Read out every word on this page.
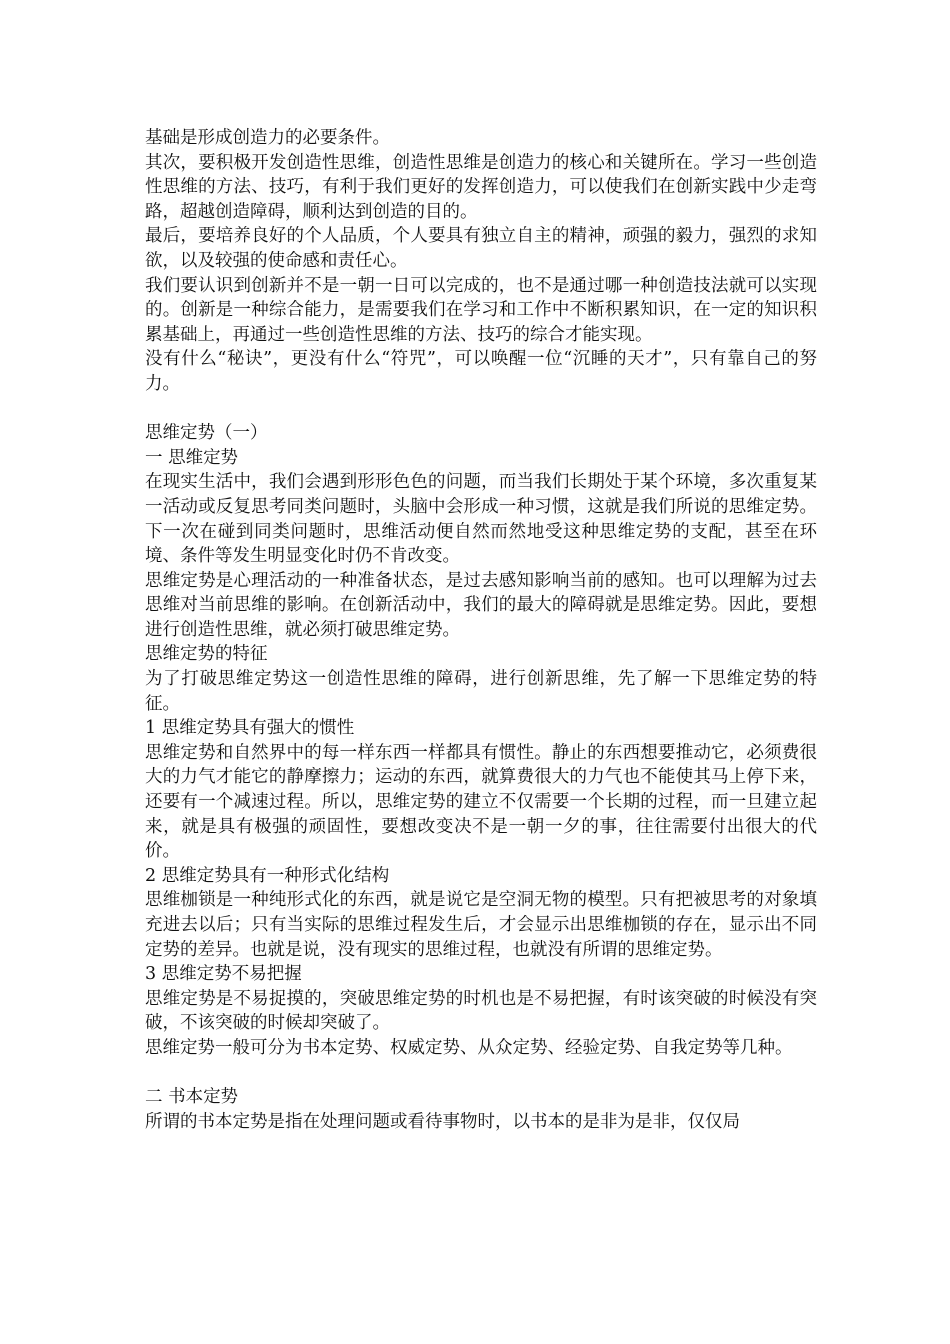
基础是形成创造力的必要条件。

其次，要积极开发创造性思维，创造性思维是创造力的核心和关键所在。学习一些创造性思维的方法、技巧，有利于我们更好的发挥创造力，可以使我们在创新实践中少走弯路，超越创造障碍，顺利达到创造的目的。

最后，要培养良好的个人品质，个人要具有独立自主的精神，顽强的毅力，强烈的求知欲，以及较强的使命感和责任心。

我们要认识到创新并不是一朝一日可以完成的，也不是通过哪一种创造技法就可以实现的。创新是一种综合能力，是需要我们在学习和工作中不断积累知识，在一定的知识积累基础上，再通过一些创造性思维的方法、技巧的综合才能实现。

没有什么“秘诀”，更没有什么“符咒”，可以唤醒一位“沉睡的天才”，只有靠自己的努力。

思维定势（一）

一 思维定势

在现实生活中，我们会遇到形形色色的问题，而当我们长期处于某个环境，多次重复某一活动或反复思考同类问题时，头脑中会形成一种习惯，这就是我们所说的思维定势。下一次在碰到同类问题时，思维活动便自然而然地受这种思维定势的支配，甚至在环境、条件等发生明显变化时仍不肯改变。

思维定势是心理活动的一种准备状态，是过去感知影响当前的感知。也可以理解为过去思维对当前思维的影响。在创新活动中，我们的最大的障碍就是思维定势。因此，要想进行创造性思维，就必须打破思维定势。

思维定势的特征

为了打破思维定势这一创造性思维的障碍，进行创新思维，先了解一下思维定势的特征。

1 思维定势具有强大的惯性

思维定势和自然界中的每一样东西一样都具有惯性。静止的东西想要推动它，必须费很大的力气才能它的静摩擦力；运动的东西，就算费很大的力气也不能使其马上停下来，还要有一个减速过程。所以，思维定势的建立不仅需要一个长期的过程，而一旦建立起来，就是具有极强的顽固性，要想改变决不是一朝一夕的事，往往需要付出很大的代价。

2 思维定势具有一种形式化结构

思维枷锁是一种纯形式化的东西，就是说它是空洞无物的模型。只有把被思考的对象填充进去以后；只有当实际的思维过程发生后，才会显示出思维枷锁的存在，显示出不同定势的差异。也就是说，没有现实的思维过程，也就没有所谓的思维定势。

3 思维定势不易把握

思维定势是不易捉摸的，突破思维定势的时机也是不易把握，有时该突破的时候没有突破，不该突破的时候却突破了。

思维定势一般可分为书本定势、权威定势、从众定势、经验定势、自我定势等几种。

二 书本定势

所谓的书本定势是指在处理问题或看待事物时，以书本的是非为是非，仅仅局
